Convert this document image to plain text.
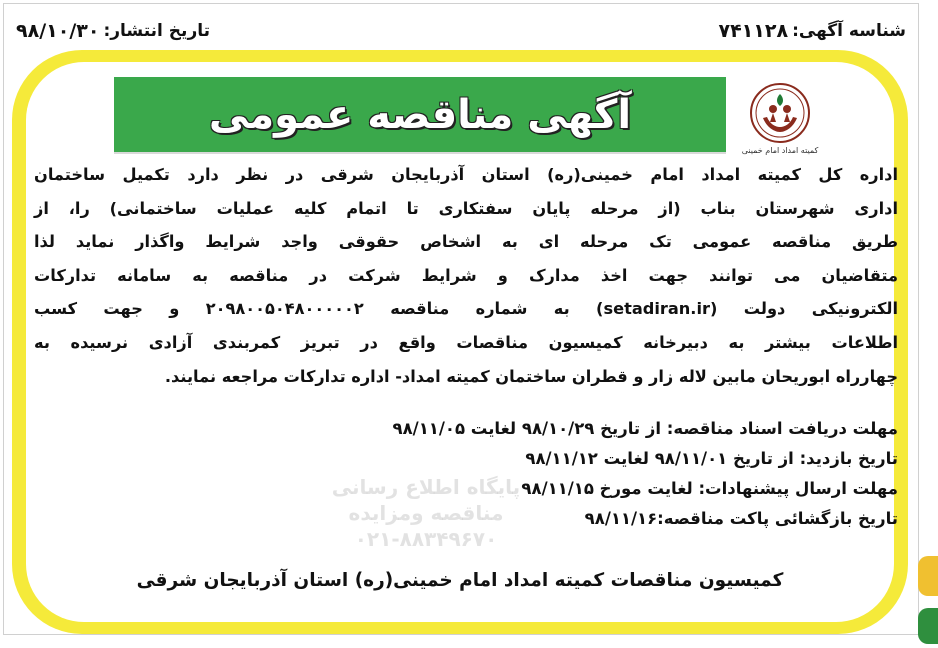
شناسه آگهی:
۷۴۱۱۲۸
تاریخ انتشار:
۹۸/۱۰/۳۰
کمیته امداد امام خمینی
آگهی مناقصه عمومی

اداره کل کمیته امداد امام خمینی(ره) استان آذربایجان شرقی در نظر دارد تکمیل ساختمان

اداری شهرستان بناب (از مرحله پایان سفتکاری تا اتمام کلیه عملیات ساختمانی) را، از

طریق مناقصه عمومی تک مرحله ای به اشخاص حقوقی واجد شرایط واگذار نماید لذا

متقاضیان می توانند جهت اخذ مدارک و شرایط شرکت در مناقصه به سامانه تدارکات

الکترونیکی دولت (setadiran.ir) به شماره مناقصه ۲۰۹۸۰۰۵۰۴۸۰۰۰۰۰۲ و جهت کسب

اطلاعات بیشتر به دبیرخانه کمیسیون مناقصات واقع در تبریز کمربندی آزادی نرسیده به

چهارراه ابوریحان مابین لاله زار و قطران ساختمان کمیته امداد- اداره تدارکات مراجعه نمایند.

پایگاه اطلاع رسانی مناقصه ومزایده
۰۲۱-۸۸۳۴۹۶۷۰
مهلت دریافت اسناد مناقصه: از تاریخ ۹۸/۱۰/۲۹ لغایت ۹۸/۱۱/۰۵
تاریخ بازدید: از تاریخ ۹۸/۱۱/۰۱ لغایت ۹۸/۱۱/۱۲
مهلت ارسال پیشنهادات: لغایت مورخ ۹۸/۱۱/۱۵
تاریخ بازگشائی پاکت مناقصه:۹۸/۱۱/۱۶
کمیسیون مناقصات کمیته امداد امام خمینی(ره) استان آذربایجان شرقی
